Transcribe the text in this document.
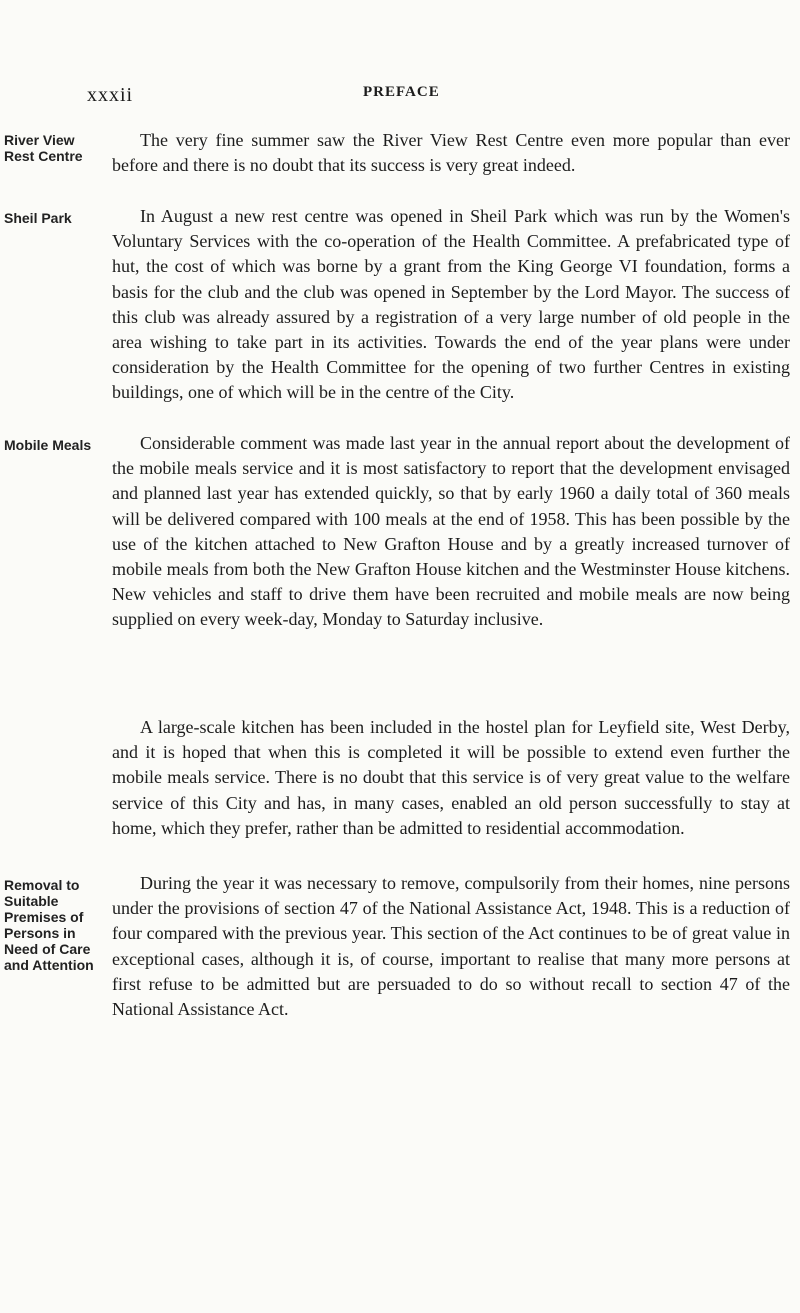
xxxii	PREFACE
River View Rest Centre

The very fine summer saw the River View Rest Centre even more popular than ever before and there is no doubt that its success is very great indeed.

Sheil Park	In August a new rest centre was opened in Sheil Park which was run by the Women's Voluntary Services with the co-operation of the Health Committee. A prefabricated type of hut, the cost of which was borne by a grant from the King George VI foundation, forms a basis for the club and the club was opened in September by the Lord Mayor. The success of this club was already assured by a registration of a very large number of old people in the area wishing to take part in its activities. Towards the end of the year plans were under consideration by the Health Committee for the opening of two further Centres in existing buildings, one of which will be in the centre of the City.

Mobile Meals	Considerable comment was made last year in the annual report about the development of the mobile meals service and it is most satisfactory to report that the development envisaged and planned last year has extended quickly, so that by early 1960 a daily total of 360 meals will be delivered compared with 100 meals at the end of 1958. This has been possible by the use of the kitchen attached to New Grafton House and by a greatly increased turnover of mobile meals from both the New Grafton House kitchen and the Westminster House kitchens. New vehicles and staff to drive them have been recruited and mobile meals are now being supplied on every week-day, Monday to Saturday inclusive.

A large-scale kitchen has been included in the hostel plan for Leyfield site, West Derby, and it is hoped that when this is completed it will be possible to extend even further the mobile meals service. There is no doubt that this service is of very great value to the welfare service of this City and has, in many cases, enabled an old person successfully to stay at home, which they prefer, rather than be admitted to residential accommodation.

Removal to Suitable Premises of Persons in Need of Care and Attention

During the year it was necessary to remove, compulsorily from their homes, nine persons under the provisions of section 47 of the National Assistance Act, 1948. This is a reduction of four compared with the previous year. This section of the Act continues to be of great value in exceptional cases, although it is, of course, important to realise that many more persons at first refuse to be admitted but are persuaded to do so without recall to section 47 of the National Assistance Act.
